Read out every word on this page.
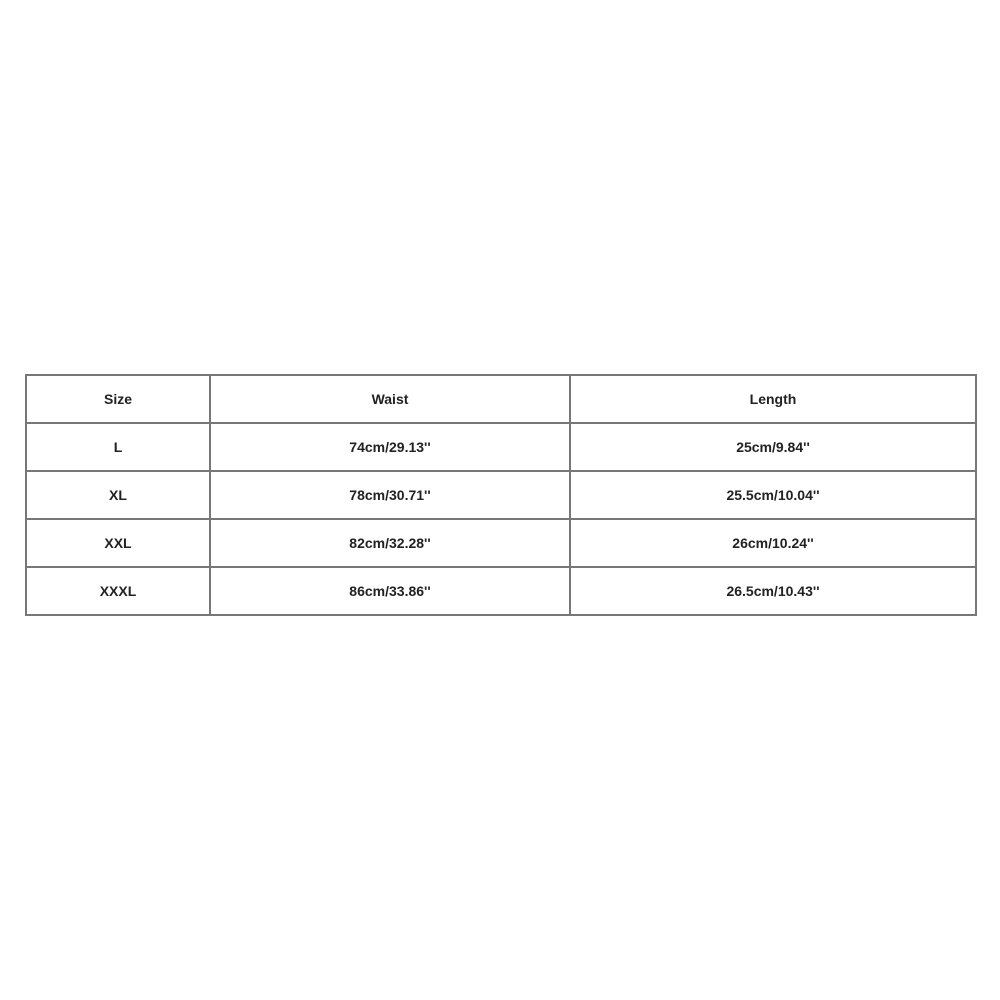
Size	Waist	Length
L	74cm/29.13''	25cm/9.84''
XL	78cm/30.71''	25.5cm/10.04''
XXL	82cm/32.28''	26cm/10.24''
XXXL	86cm/33.86''	26.5cm/10.43''
